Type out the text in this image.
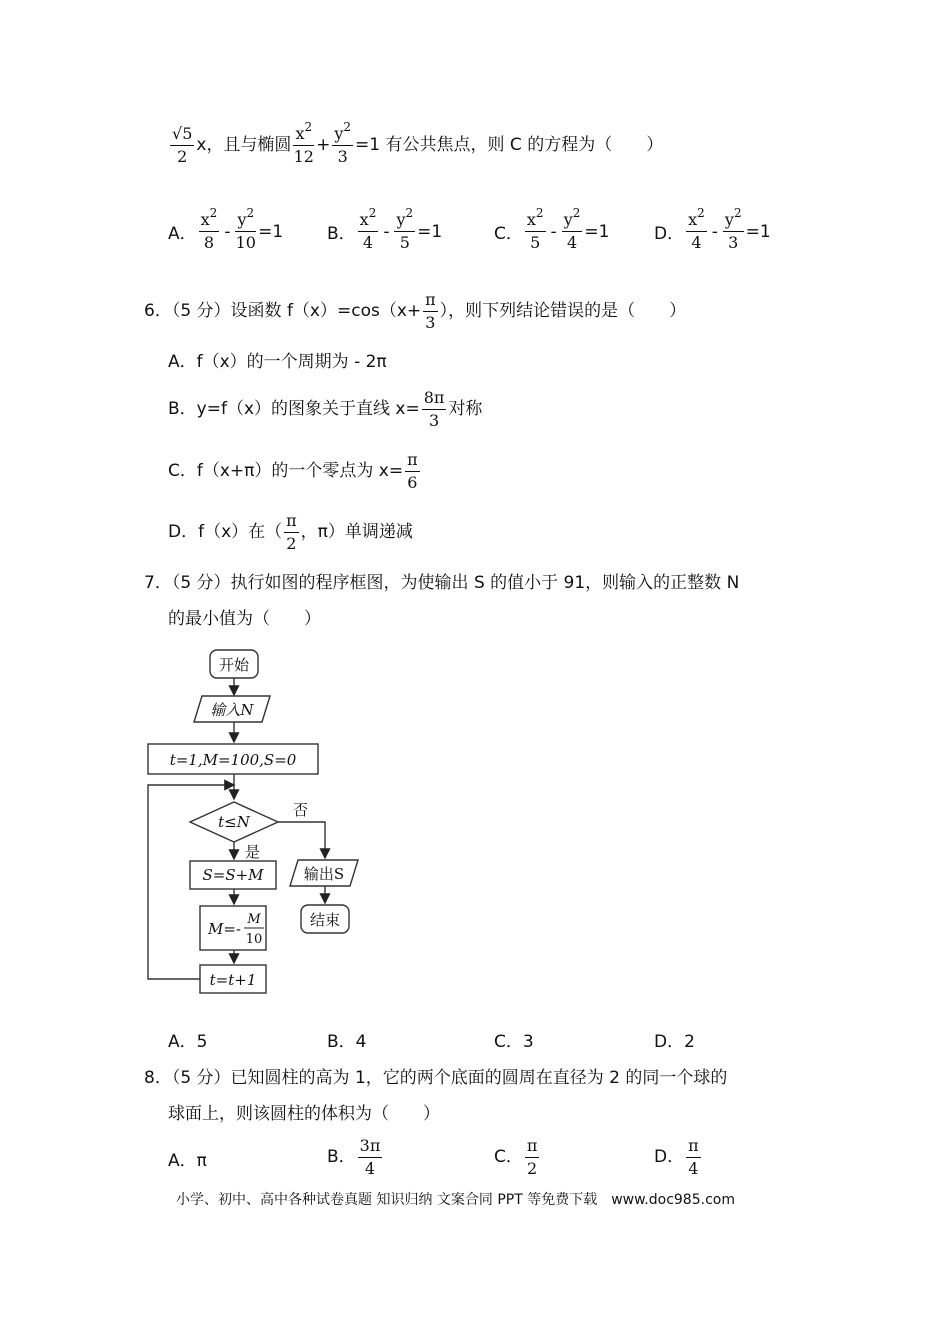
$\frac{√5}{2}$ x ，且与椭圆 $\frac{x^2}{12} + \frac{y^2}{3} =1$ 有公共焦点，则 C 的方程为（　　）
A． $\frac{x^2}{8} - \frac{y^2}{10} =1$	B． $\frac{x^2}{4} - \frac{y^2}{5} =1$	C． $\frac{x^2}{5} - \frac{y^2}{4} =1$	D． $\frac{x^2}{4} - \frac{y^2}{3} =1$
6．（5 分）设函数 $f(x)=\cos(x+ \frac{\pi}{3}$ ），则下列结论错误的是（　　）
A．f（x）的一个周期为 - 2π
B．y=f（x）的图象关于直线 $x= \frac{8\pi}{3}$ 对称
C．f（x+π）的一个零点为 $x= \frac{\pi}{6}$
D．f（x）在（ $\frac{\pi}{2}$ ，π）单调递减
7．（5 分）执行如图的程序框图，为使输出 S 的值小于 91，则输入的正整数 N
的最小值为（　　）
开始
输入N
t=1,M=100,S=0
t≤N
否
是
S=S+M
M=-
M
10
输出S
结束
t=t+1
A．5	B．4	C．3	D．2
8．（5 分）已知圆柱的高为 1，它的两个底面的圆周在直径为 2 的同一个球的
球面上，则该圆柱的体积为（　　）
A．π	B． $\frac{3\pi}{4}$	C． $\frac{\pi}{2}$	D． $\frac{\pi}{4}$
小学、初中、高中各种试卷真题 知识归纳 文案合同 PPT 等免费下载　www.doc985.com
